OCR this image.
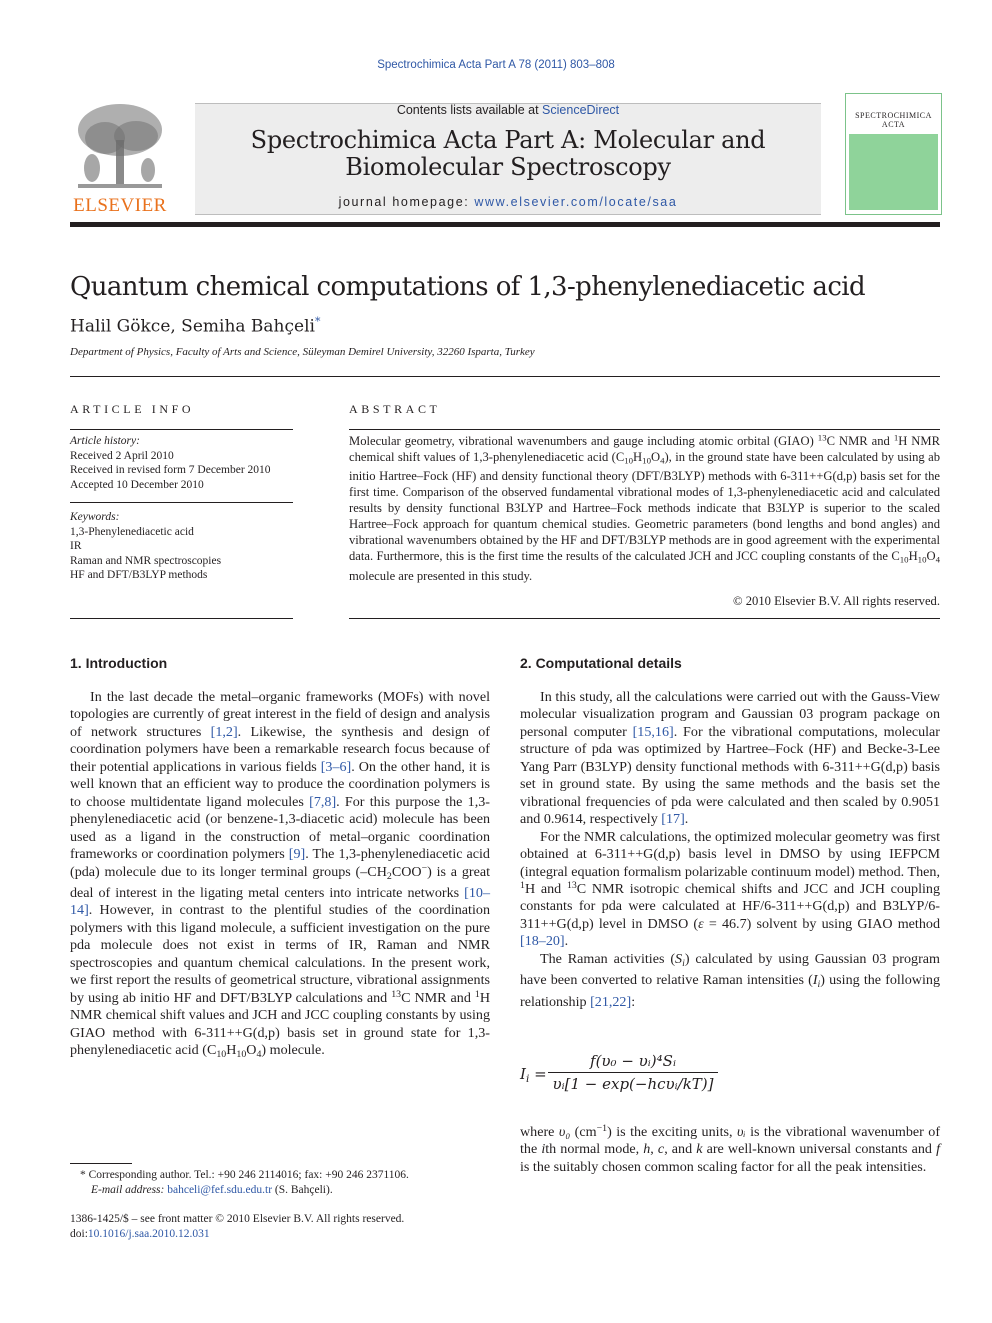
Spectrochimica Acta Part A 78 (2011) 803–808
ELSEVIER
Contents lists available at ScienceDirect
Spectrochimica Acta Part A: Molecular and
Biomolecular Spectroscopy
journal homepage: www.elsevier.com/locate/saa
SPECTROCHIMICA
ACTA
Quantum chemical computations of 1,3-phenylenediacetic acid
Halil Gökce, Semiha Bahçeli*
Department of Physics, Faculty of Arts and Science, Süleyman Demirel University, 32260 Isparta, Turkey
ARTICLE INFO
Article history:
Received 2 April 2010
Received in revised form 7 December 2010
Accepted 10 December 2010
Keywords:
1,3-Phenylenediacetic acid
IR
Raman and NMR spectroscopies
HF and DFT/B3LYP methods
ABSTRACT
Molecular geometry, vibrational wavenumbers and gauge including atomic orbital (GIAO) $^{13}$C NMR and $^1$H NMR chemical shift values of 1,3-phenylenediacetic acid $(C_{10}H_{10}O_4)$, in the ground state have been calculated by using ab initio Hartree–Fock (HF) and density functional theory (DFT/B3LYP) methods with 6-311++G(d,p) basis set for the first time. Comparison of the observed fundamental vibrational modes of 1,3-phenylenediacetic acid and calculated results by density functional B3LYP and Hartree–Fock methods indicate that B3LYP is superior to the scaled Hartree–Fock approach for quantum chemical studies. Geometric parameters (bond lengths and bond angles) and vibrational wavenumbers obtained by the HF and DFT/B3LYP methods are in good agreement with the experimental data. Furthermore, this is the first time the results of the calculated JCH and JCC coupling constants of the $C_{10}H_{10}O_4$ molecule are presented in this study.
© 2010 Elsevier B.V. All rights reserved.
1. Introduction
In the last decade the metal–organic frameworks (MOFs) with novel topologies are currently of great interest in the field of design and analysis of network structures [1,2]. Likewise, the synthesis and design of coordination polymers have been a remarkable research focus because of their potential applications in various fields [3–6]. On the other hand, it is well known that an efficient way to produce the coordination polymers is to choose multidentate ligand molecules [7,8]. For this purpose the 1,3-phenylenediacetic acid (or benzene-1,3-diacetic acid) molecule has been used as a ligand in the construction of metal–organic coordination frameworks or coordination polymers [9]. The 1,3-phenylenediacetic acid (pda) molecule due to its longer terminal groups $(-CH_2COO^-)$ is a great deal of interest in the ligating metal centers into intricate networks [10–14]. However, in contrast to the plentiful studies of the coordination polymers with this ligand molecule, a sufficient investigation on the pure pda molecule does not exist in terms of IR, Raman and NMR spectroscopies and quantum chemical calculations. In the present work, we first report the results of geometrical structure, vibrational assignments by using ab initio HF and DFT/B3LYP calculations and $^{13}$C NMR and $^1$H NMR chemical shift values and JCH and JCC coupling constants by using GIAO method with 6-311++G(d,p) basis set in ground state for 1,3-phenylenediacetic acid $(C_{10}H_{10}O_4)$ molecule.
2. Computational details

In this study, all the calculations were carried out with the Gauss-View molecular visualization program and Gaussian 03 program package on personal computer [15,16]. For the vibrational computations, molecular structure of pda was optimized by Hartree–Fock (HF) and Becke-3-Lee Yang Parr (B3LYP) density functional methods with 6-311++G(d,p) basis set in ground state. By using the same methods and the basis set the vibrational frequencies of pda were calculated and then scaled by 0.9051 and 0.9614, respectively [17].

For the NMR calculations, the optimized molecular geometry was first obtained at 6-311++G(d,p) basis level in DMSO by using IEFPCM (integral equation formalism polarizable continuum model) method. Then, $^1$H and $^{13}$C NMR isotropic chemical shifts and JCC and JCH coupling constants for pda were calculated at HF/6-311++G(d,p) and B3LYP/6-311++G(d,p) level in DMSO (ε = 46.7) solvent by using GIAO method [18–20].

The Raman activities $(S_i)$ calculated by using Gaussian 03 program have been converted to relative Raman intensities $(I_i)$ using the following relationship [21,22]:

$I_i$ =
f(υ₀ − υᵢ)⁴Sᵢ
υᵢ[1 − exp(−hcυᵢ/kT)]
where υ₀ $(cm^{-1})$ is the exciting units, υᵢ is the vibrational wavenumber of the ith normal mode, h, c, and k are well-known universal constants and f is the suitably chosen common scaling factor for all the peak intensities.
* Corresponding author. Tel.: +90 246 2114016; fax: +90 246 2371106.
E-mail address: bahceli@fef.sdu.edu.tr (S. Bahçeli).
1386-1425/$ – see front matter © 2010 Elsevier B.V. All rights reserved.
doi:10.1016/j.saa.2010.12.031
